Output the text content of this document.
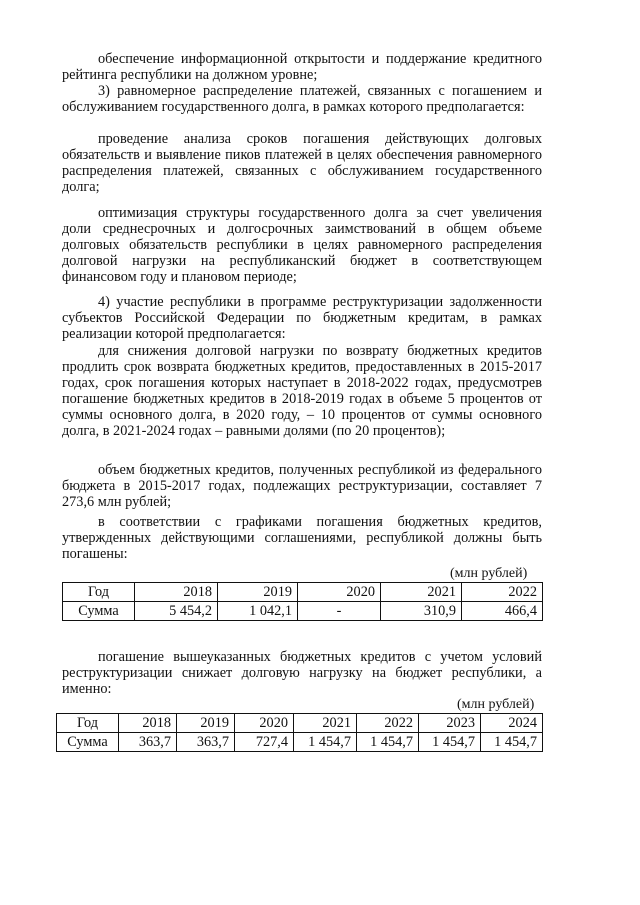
обеспечение информационной открытости и поддержание кредитного рейтинга республики на должном уровне;

3) равномерное распределение платежей, связанных с погашением и обслуживанием государственного долга, в рамках которого предполагается:

проведение анализа сроков погашения действующих долговых обязательств и выявление пиков платежей в целях обеспечения равномерного распределения платежей, связанных с обслуживанием государственного долга;

оптимизация структуры государственного долга за счет увеличения доли среднесрочных и долгосрочных заимствований в общем объеме долговых обязательств республики в целях равномерного распределения долговой нагрузки на республиканский бюджет в соответствующем финансовом году и плановом периоде;

4) участие республики в программе реструктуризации задолженности субъектов Российской Федерации по бюджетным кредитам, в рамках реализации которой предполагается:

для снижения долговой нагрузки по возврату бюджетных кредитов продлить срок возврата бюджетных кредитов, предоставленных в 2015-2017 годах, срок погашения которых наступает в 2018-2022 годах, предусмотрев погашение бюджетных кредитов в 2018-2019 годах в объеме 5 процентов от суммы основного долга, в 2020 году, – 10 процентов от суммы основного долга, в 2021-2024 годах – равными долями (по 20 процентов);

объем бюджетных кредитов, полученных республикой из федерального бюджета в 2015-2017 годах, подлежащих реструктуризации, составляет 7 273,6 млн рублей;

в соответствии с графиками погашения бюджетных кредитов, утвержденных действующими соглашениями, республикой должны быть погашены:

(млн рублей)
Год	2018	2019	2020	2021	2022
Сумма	5 454,2	1 042,1	-	310,9	466,4

погашение вышеуказанных бюджетных кредитов с учетом условий реструктуризации снижает долговую нагрузку на бюджет республики, а именно:

(млн рублей)
Год	2018	2019	2020	2021	2022	2023	2024
Сумма	363,7	363,7	727,4	1 454,7	1 454,7	1 454,7	1 454,7
